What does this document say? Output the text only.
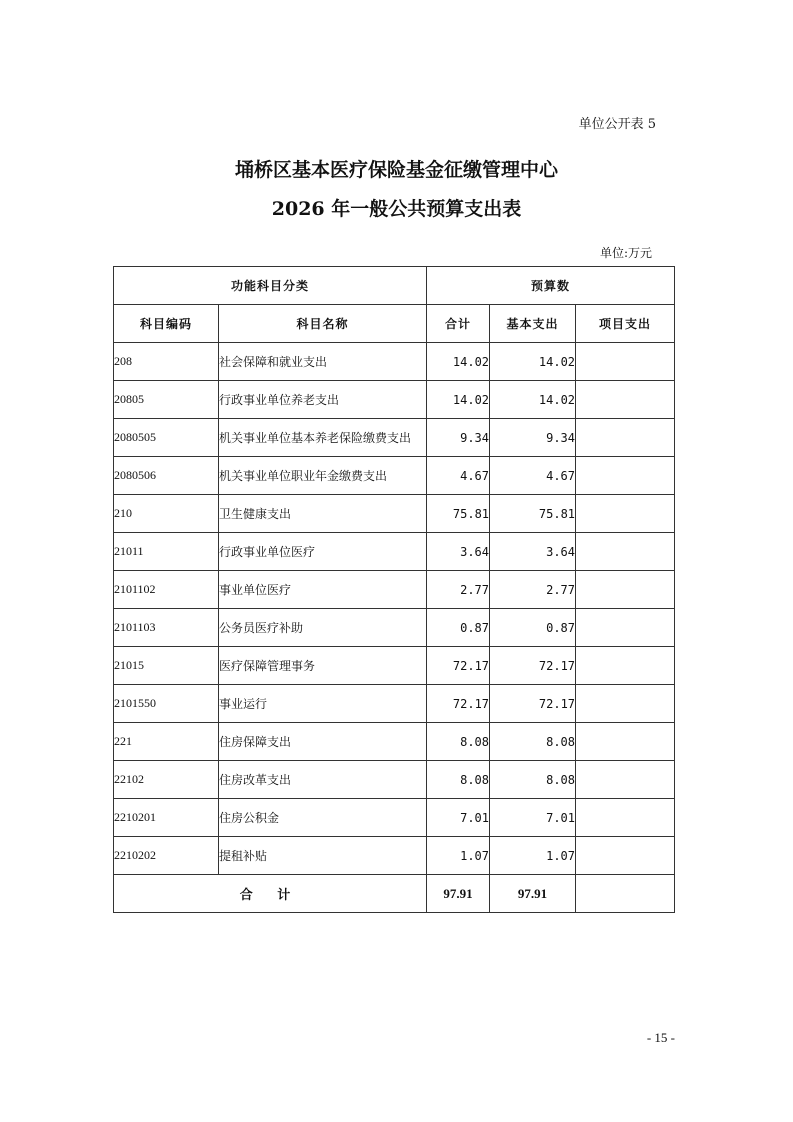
单位公开表 5
埇桥区基本医疗保险基金征缴管理中心
2026 年一般公共预算支出表
单位:万元
功能科目分类		预算数		
科目编码	科目名称	合计	基本支出	项目支出
208	社会保障和就业支出	14.02	14.02	
20805	行政事业单位养老支出	14.02	14.02	
2080505	机关事业单位基本养老保险缴费支出	9.34	9.34	
2080506	机关事业单位职业年金缴费支出	4.67	4.67	
210	卫生健康支出	75.81	75.81	
21011	行政事业单位医疗	3.64	3.64	
2101102	事业单位医疗	2.77	2.77	
2101103	公务员医疗补助	0.87	0.87	
21015	医疗保障管理事务	72.17	72.17	
2101550	事业运行	72.17	72.17	
221	住房保障支出	8.08	8.08	
22102	住房改革支出	8.08	8.08	
2210201	住房公积金	7.01	7.01	
2210202	提租补贴	1.07	1.07	
合 计		97.91	97.91	
- 15 -
